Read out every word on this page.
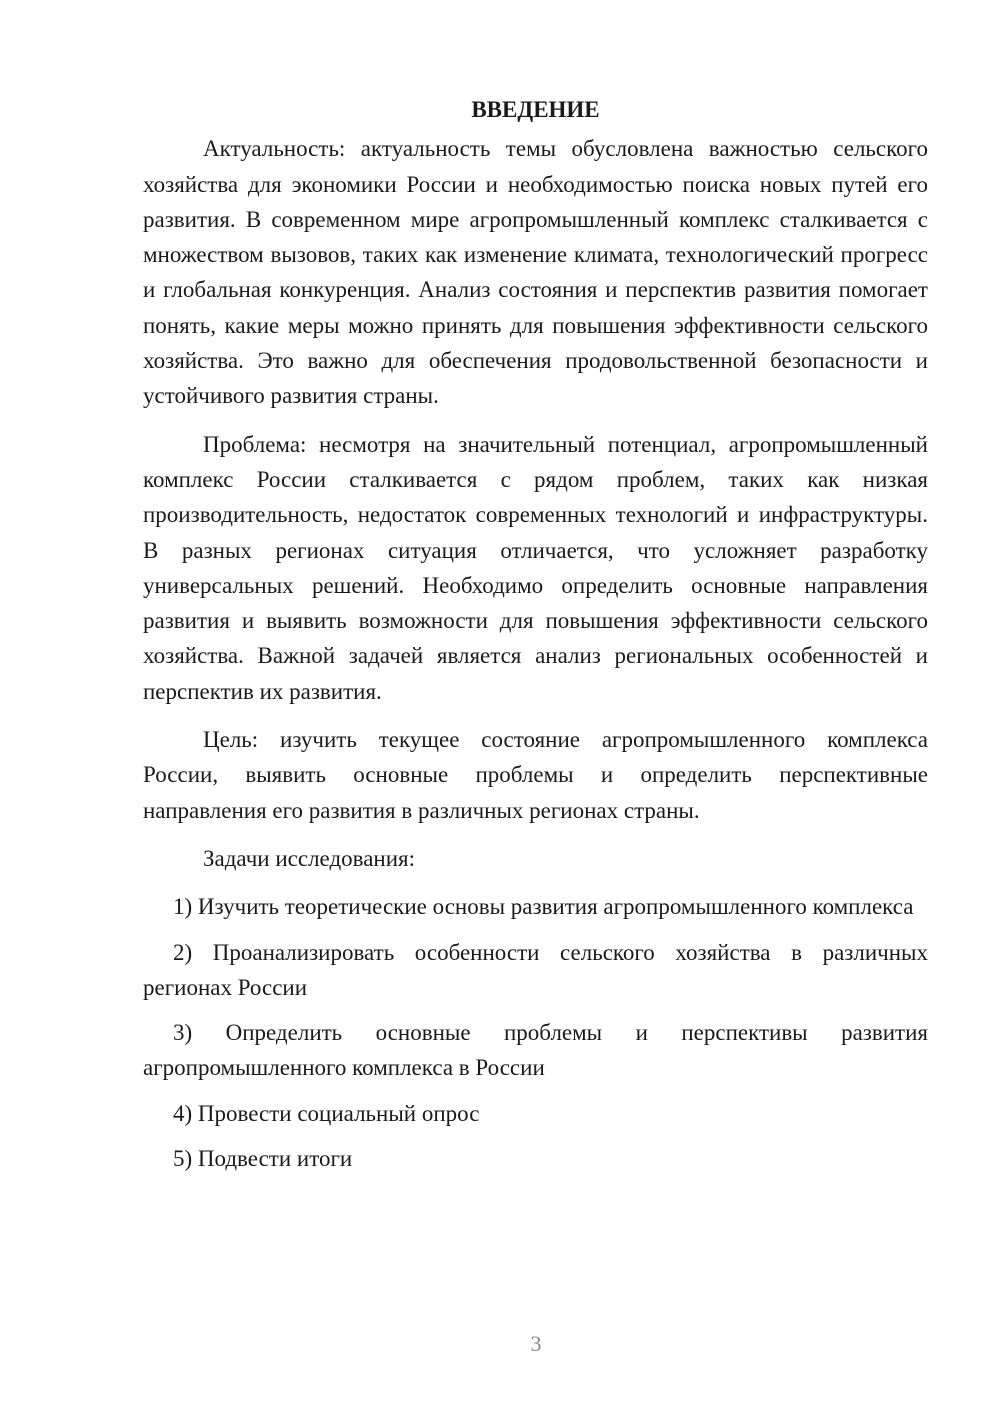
ВВЕДЕНИЕ

Актуальность: актуальность темы обусловлена важностью сельского хозяйства для экономики России и необходимостью поиска новых путей его развития. В современном мире агропромышленный комплекс сталкивается с множеством вызовов, таких как изменение климата, технологический прогресс и глобальная конкуренция. Анализ состояния и перспектив развития помогает понять, какие меры можно принять для повышения эффективности сельского хозяйства. Это важно для обеспечения продовольственной безопасности и устойчивого развития страны.

Проблема: несмотря на значительный потенциал, агропромышленный комплекс России сталкивается с рядом проблем, таких как низкая производительность, недостаток современных технологий и инфраструктуры. В разных регионах ситуация отличается, что усложняет разработку универсальных решений. Необходимо определить основные направления развития и выявить возможности для повышения эффективности сельского хозяйства. Важной задачей является анализ региональных особенностей и перспектив их развития.

Цель: изучить текущее состояние агропромышленного комплекса России, выявить основные проблемы и определить перспективные направления его развития в различных регионах страны.

Задачи исследования:

1) Изучить теоретические основы развития агропромышленного комплекса
2) Проанализировать особенности сельского хозяйства в различных регионах России
3) Определить основные проблемы и перспективы развития агропромышленного комплекса в России
4) Провести социальный опрос
5) Подвести итоги
3
